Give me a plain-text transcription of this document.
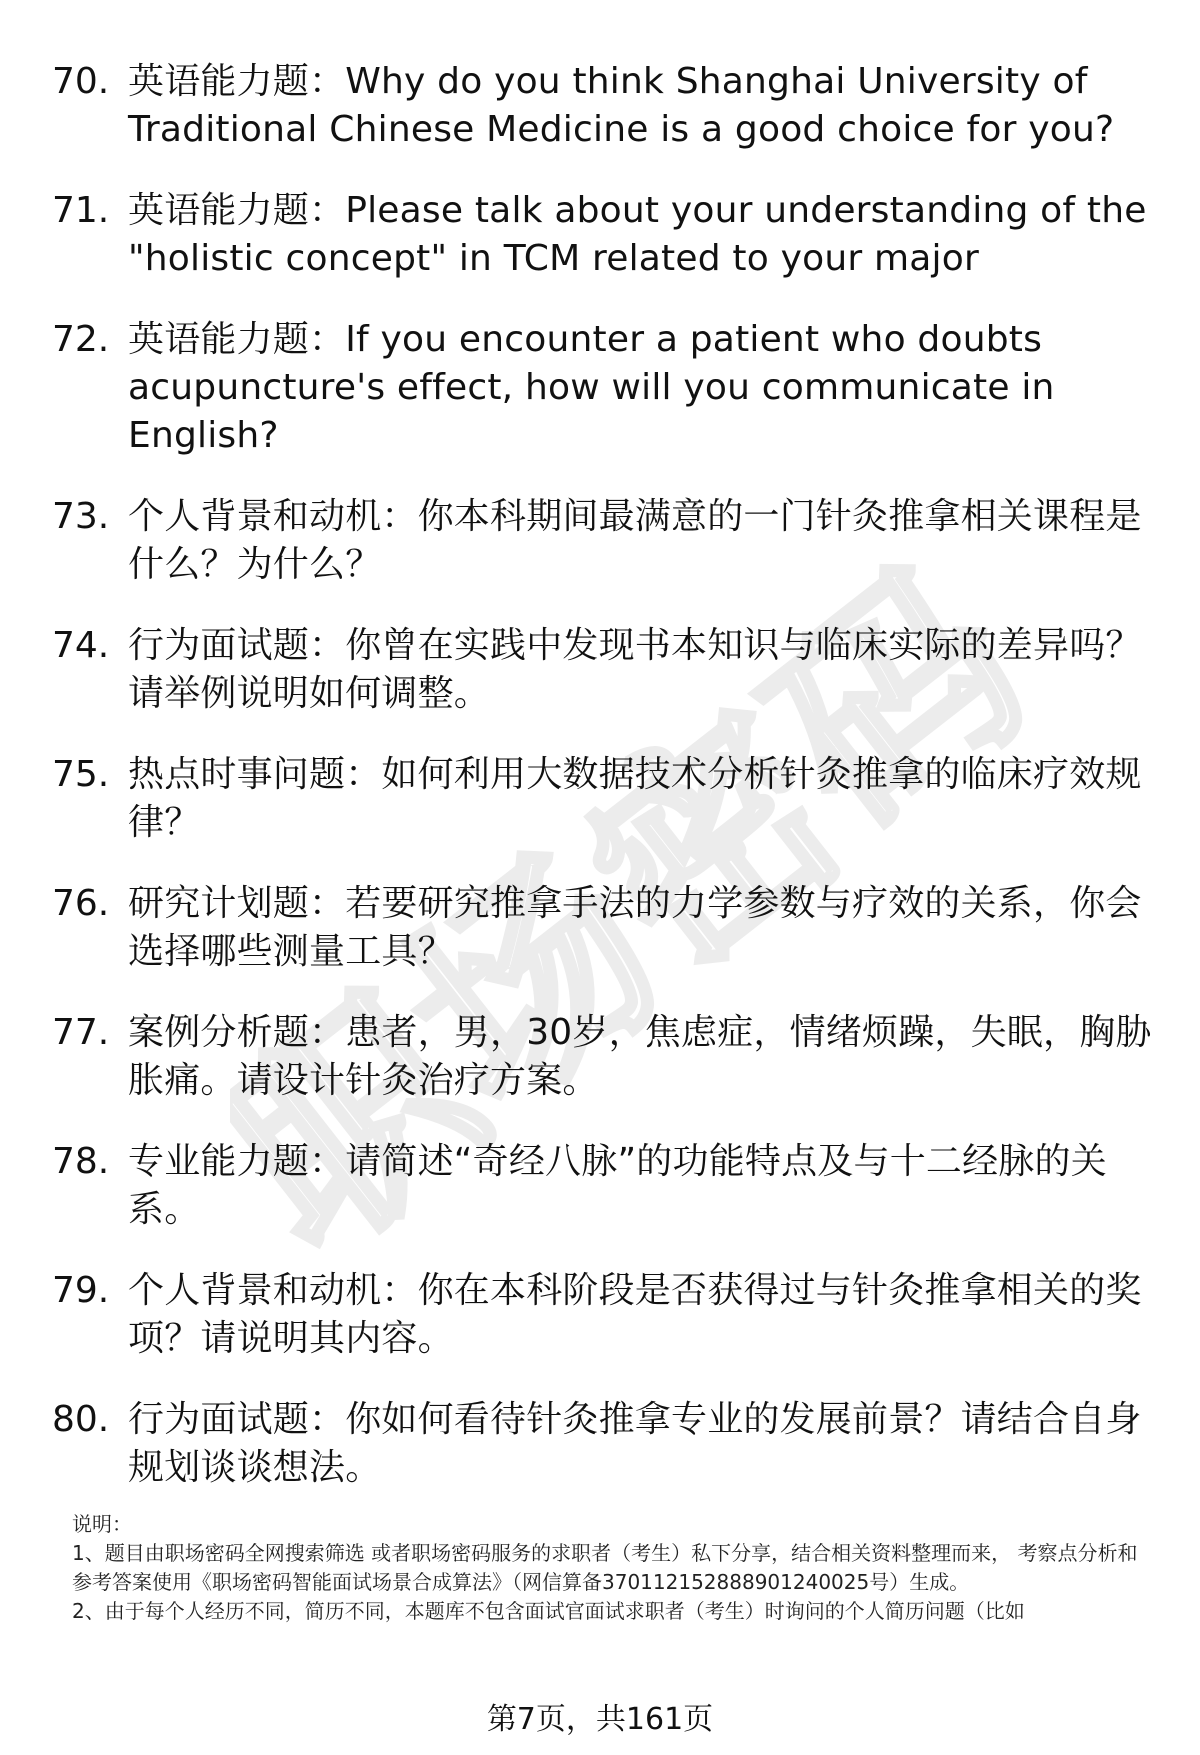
职场密码
70. 英语能力题：Why do you think Shanghai University of Traditional Chinese Medicine is a good choice for you?
71. 英语能力题：Please talk about your understanding of the "holistic concept" in TCM related to your major
72. 英语能力题：If you encounter a patient who doubts acupuncture's effect, how will you communicate in English?
73. 个人背景和动机：你本科期间最满意的一门针灸推拿相关课程是什么？为什么？
74. 行为面试题：你曾在实践中发现书本知识与临床实际的差异吗？请举例说明如何调整。
75. 热点时事问题：如何利用大数据技术分析针灸推拿的临床疗效规律？
76. 研究计划题：若要研究推拿手法的力学参数与疗效的关系，你会选择哪些测量工具？
77. 案例分析题：患者，男，30岁，焦虑症，情绪烦躁，失眠，胸胁胀痛。请设计针灸治疗方案。
78. 专业能力题：请简述“奇经八脉”的功能特点及与十二经脉的关系。
79. 个人背景和动机：你在本科阶段是否获得过与针灸推拿相关的奖项？请说明其内容。
80. 行为面试题：你如何看待针灸推拿专业的发展前景？请结合自身规划谈谈想法。

说明：

1、题目由职场密码全网搜索筛选 或者职场密码服务的求职者（考生）私下分享，结合相关资料整理而来， 考察点分析和参考答案使用《职场密码智能面试场景合成算法》（网信算备370112152888901240025号）生成。

2、由于每个人经历不同，简历不同，本题库不包含面试官面试求职者（考生）时询问的个人简历问题（比如

第7页，共161页
